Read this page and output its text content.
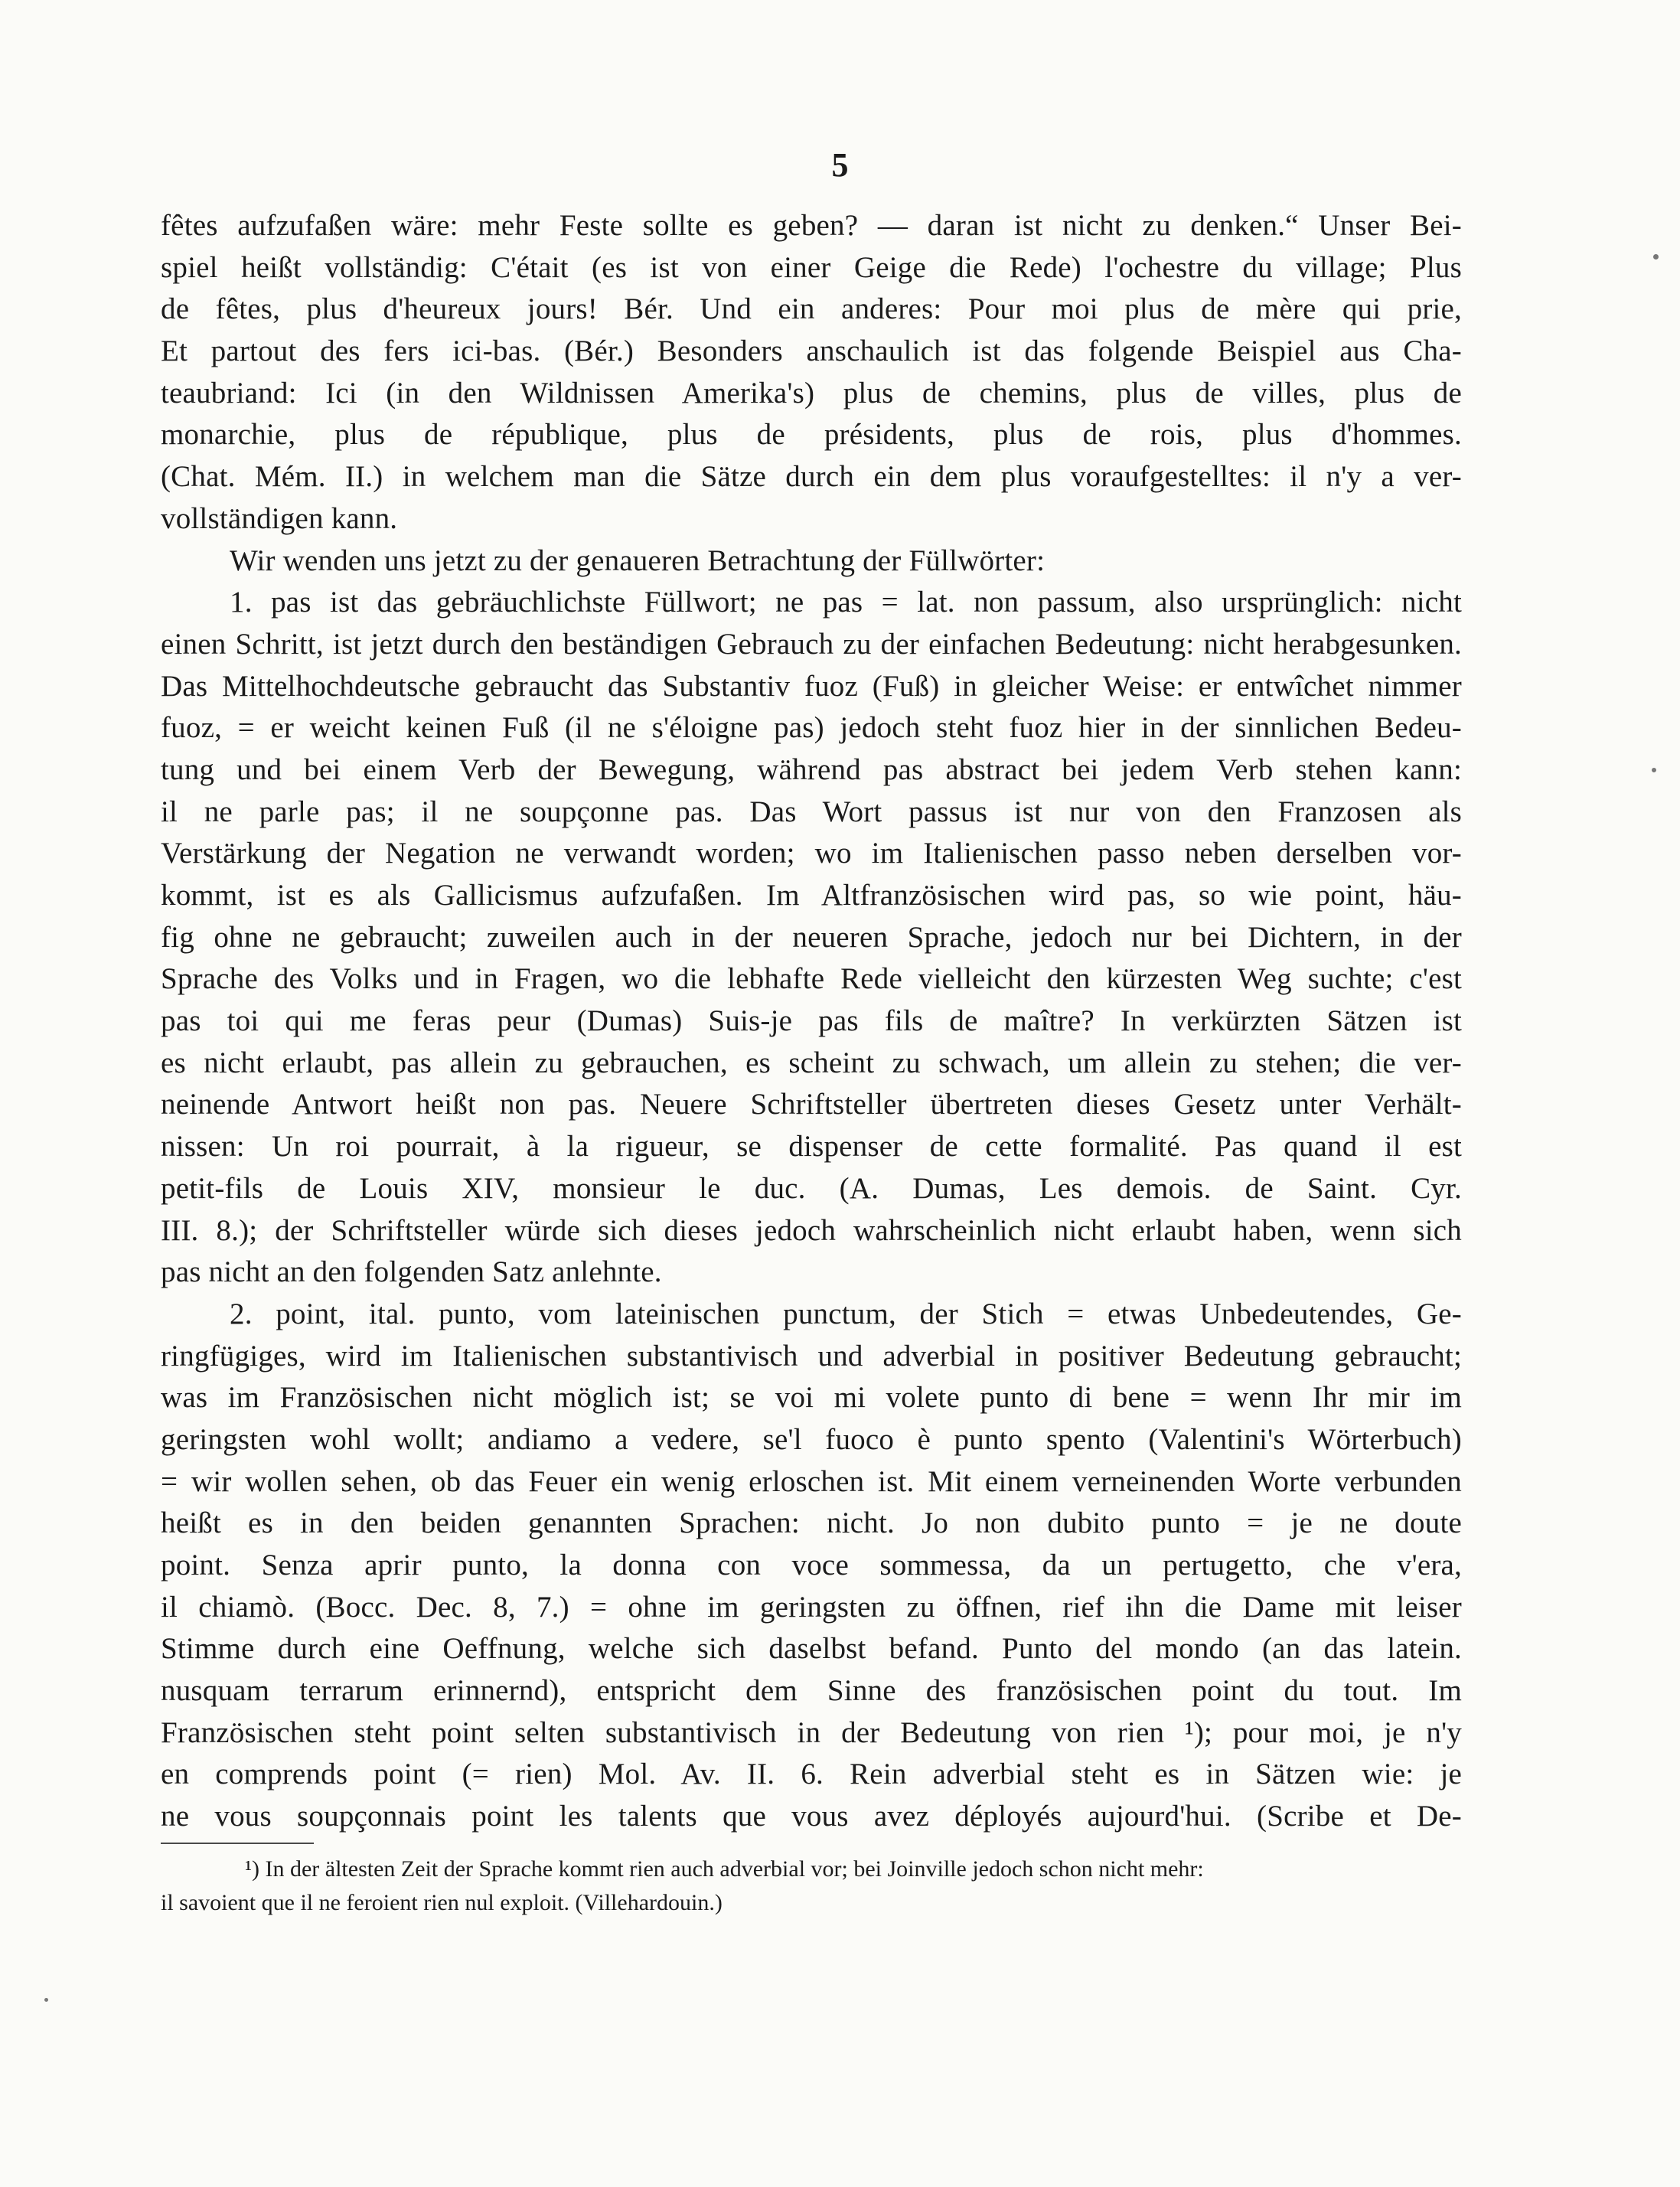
5
fêtes aufzufaßen wäre: mehr Feste sollte es geben? — daran ist nicht zu denken.“ Unser Bei-
spiel heißt vollständig: C'était (es ist von einer Geige die Rede) l'ochestre du village; Plus
de fêtes, plus d'heureux jours! Bér. Und ein anderes: Pour moi plus de mère qui prie,
Et partout des fers ici-bas. (Bér.) Besonders anschaulich ist das folgende Beispiel aus Cha-
teaubriand: Ici (in den Wildnissen Amerika's) plus de chemins, plus de villes, plus de
monarchie, plus de république, plus de présidents, plus de rois, plus d'hommes.
(Chat. Mém. II.) in welchem man die Sätze durch ein dem plus voraufgestelltes: il n'y a ver-
vollständigen kann.
Wir wenden uns jetzt zu der genaueren Betrachtung der Füllwörter:
1. pas ist das gebräuchlichste Füllwort; ne pas = lat. non passum, also ursprünglich: nicht
einen Schritt, ist jetzt durch den beständigen Gebrauch zu der einfachen Bedeutung: nicht herabgesunken.
Das Mittelhochdeutsche gebraucht das Substantiv fuoz (Fuß) in gleicher Weise: er entwîchet nimmer
fuoz, = er weicht keinen Fuß (il ne s'éloigne pas) jedoch steht fuoz hier in der sinnlichen Bedeu-
tung und bei einem Verb der Bewegung, während pas abstract bei jedem Verb stehen kann:
il ne parle pas; il ne soupçonne pas. Das Wort passus ist nur von den Franzosen als
Verstärkung der Negation ne verwandt worden; wo im Italienischen passo neben derselben vor-
kommt, ist es als Gallicismus aufzufaßen. Im Altfranzösischen wird pas, so wie point, häu-
fig ohne ne gebraucht; zuweilen auch in der neueren Sprache, jedoch nur bei Dichtern, in der
Sprache des Volks und in Fragen, wo die lebhafte Rede vielleicht den kürzesten Weg suchte; c'est
pas toi qui me feras peur (Dumas) Suis-je pas fils de maître? In verkürzten Sätzen ist
es nicht erlaubt, pas allein zu gebrauchen, es scheint zu schwach, um allein zu stehen; die ver-
neinende Antwort heißt non pas. Neuere Schriftsteller übertreten dieses Gesetz unter Verhält-
nissen: Un roi pourrait, à la rigueur, se dispenser de cette formalité. Pas quand il est
petit-fils de Louis XIV, monsieur le duc. (A. Dumas, Les demois. de Saint. Cyr.
III. 8.); der Schriftsteller würde sich dieses jedoch wahrscheinlich nicht erlaubt haben, wenn sich
pas nicht an den folgenden Satz anlehnte.
2. point, ital. punto, vom lateinischen punctum, der Stich = etwas Unbedeutendes, Ge-
ringfügiges, wird im Italienischen substantivisch und adverbial in positiver Bedeutung gebraucht;
was im Französischen nicht möglich ist; se voi mi volete punto di bene = wenn Ihr mir im
geringsten wohl wollt; andiamo a vedere, se'l fuoco è punto spento (Valentini's Wörterbuch)
= wir wollen sehen, ob das Feuer ein wenig erloschen ist. Mit einem verneinenden Worte verbunden
heißt es in den beiden genannten Sprachen: nicht. Jo non dubito punto = je ne doute
point. Senza aprir punto, la donna con voce sommessa, da un pertugetto, che v'era,
il chiamò. (Bocc. Dec. 8, 7.) = ohne im geringsten zu öffnen, rief ihn die Dame mit leiser
Stimme durch eine Oeffnung, welche sich daselbst befand. Punto del mondo (an das latein.
nusquam terrarum erinnernd), entspricht dem Sinne des französischen point du tout. Im
Französischen steht point selten substantivisch in der Bedeutung von rien ¹); pour moi, je n'y
en comprends point (= rien) Mol. Av. II. 6. Rein adverbial steht es in Sätzen wie: je
ne vous soupçonnais point les talents que vous avez déployés aujourd'hui. (Scribe et De-
¹) In der ältesten Zeit der Sprache kommt rien auch adverbial vor; bei Joinville jedoch schon nicht mehr:
il savoient que il ne feroient rien nul exploit. (Villehardouin.)
